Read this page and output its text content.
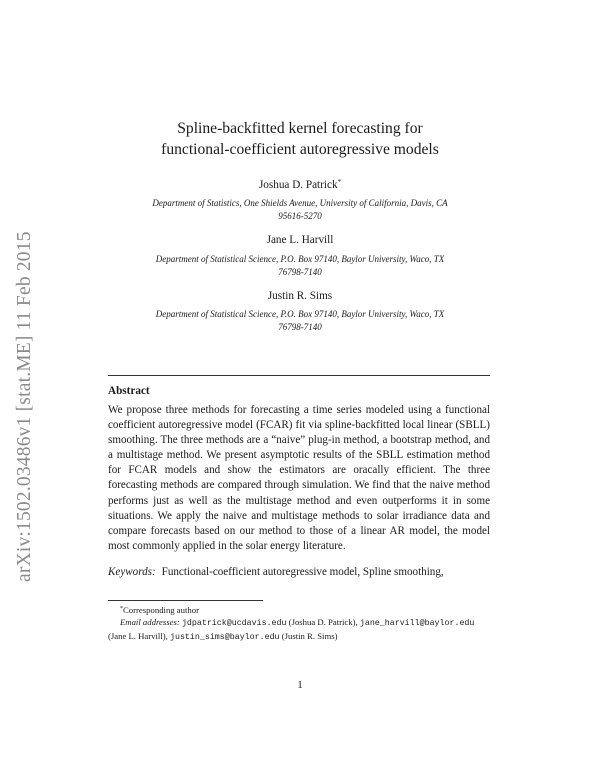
arXiv:1502.03486v1 [stat.ME] 11 Feb 2015
Spline-backfitted kernel forecasting for
functional-coefficient autoregressive models
Joshua D. Patrick*
Department of Statistics, One Shields Avenue, University of California, Davis, CA
95616-5270
Jane L. Harvill
Department of Statistical Science, P.O. Box 97140, Baylor University, Waco, TX
76798-7140
Justin R. Sims
Department of Statistical Science, P.O. Box 97140, Baylor University, Waco, TX
76798-7140
Abstract
We propose three methods for forecasting a time series modeled using a functional coefficient autoregressive model (FCAR) fit via spline-backfitted local linear (SBLL) smoothing. The three methods are a “naive” plug-in method, a bootstrap method, and a multistage method. We present asymptotic results of the SBLL estimation method for FCAR models and show the estimators are oracally efficient. The three forecasting methods are compared through simulation. We find that the naive method performs just as well as the multistage method and even outperforms it in some situations. We apply the naive and multistage methods to solar irradiance data and compare forecasts based on our method to those of a linear AR model, the model most commonly applied in the solar energy literature.
Keywords: Functional-coefficient autoregressive model, Spline smoothing,
*Corresponding author
Email addresses: jdpatrick@ucdavis.edu (Joshua D. Patrick), jane_harvill@baylor.edu (Jane L. Harvill), justin_sims@baylor.edu (Justin R. Sims)
1
